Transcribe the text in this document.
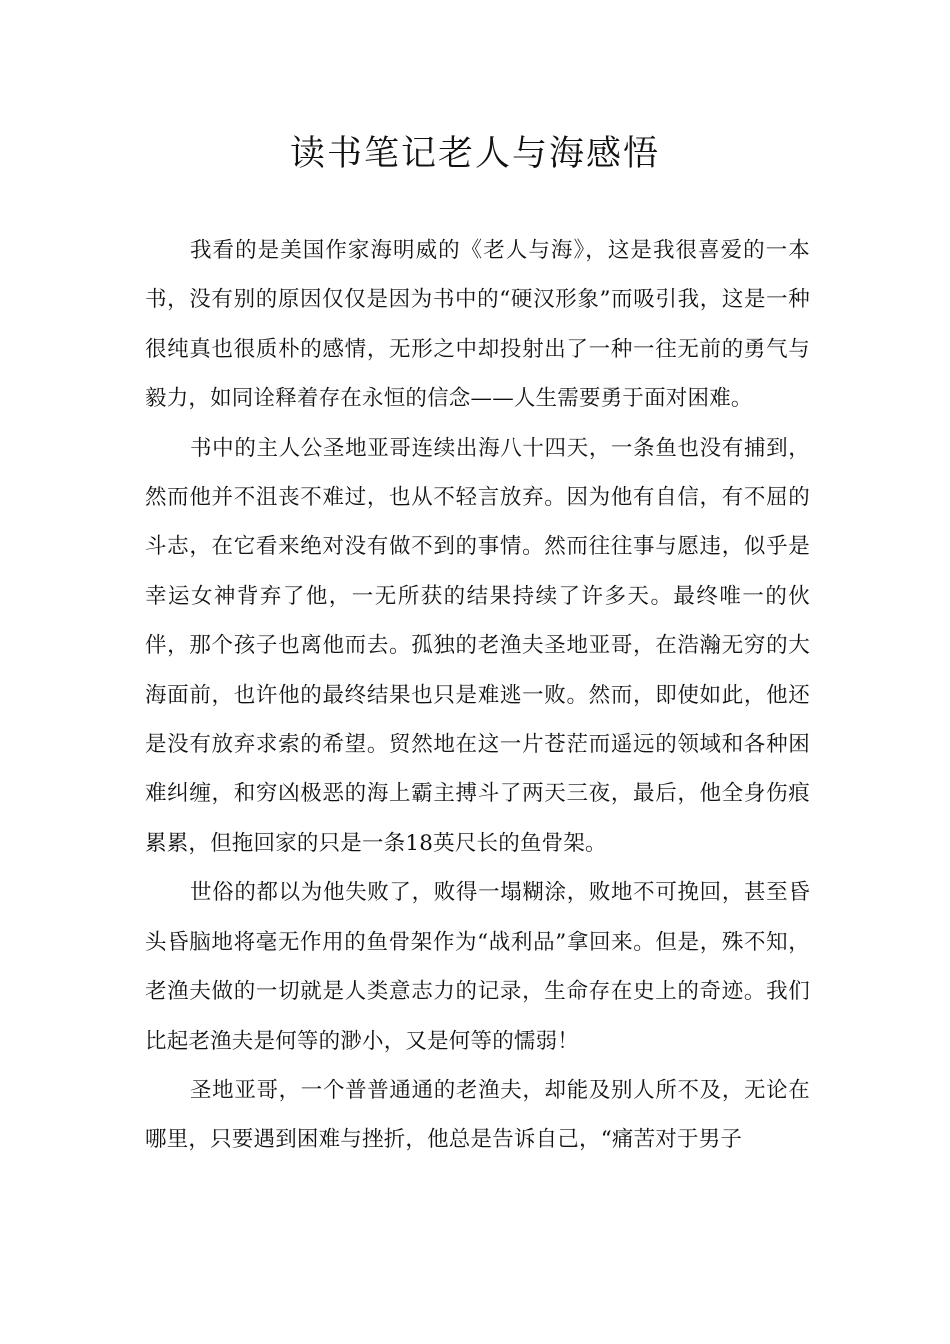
读书笔记老人与海感悟

我看的是美国作家海明威的《老人与海》，这是我很喜爱的一本书，没有别的原因仅仅是因为书中的“硬汉形象”而吸引我，这是一种很纯真也很质朴的感情，无形之中却投射出了一种一往无前的勇气与毅力，如同诠释着存在永恒的信念——人生需要勇于面对困难。

书中的主人公圣地亚哥连续出海八十四天，一条鱼也没有捕到，然而他并不沮丧不难过，也从不轻言放弃。因为他有自信，有不屈的斗志，在它看来绝对没有做不到的事情。然而往往事与愿违，似乎是幸运女神背弃了他，一无所获的结果持续了许多天。最终唯一的伙伴，那个孩子也离他而去。孤独的老渔夫圣地亚哥，在浩瀚无穷的大海面前，也许他的最终结果也只是难逃一败。然而，即使如此，他还是没有放弃求索的希望。贸然地在这一片苍茫而遥远的领域和各种困难纠缠，和穷凶极恶的海上霸主搏斗了两天三夜，最后，他全身伤痕累累，但拖回家的只是一条18英尺长的鱼骨架。

世俗的都以为他失败了，败得一塌糊涂，败地不可挽回，甚至昏头昏脑地将毫无作用的鱼骨架作为“战利品”拿回来。但是，殊不知，老渔夫做的一切就是人类意志力的记录，生命存在史上的奇迹。我们比起老渔夫是何等的渺小，又是何等的懦弱！

圣地亚哥，一个普普通通的老渔夫，却能及别人所不及，无论在哪里，只要遇到困难与挫折，他总是告诉自己，“痛苦对于男子
